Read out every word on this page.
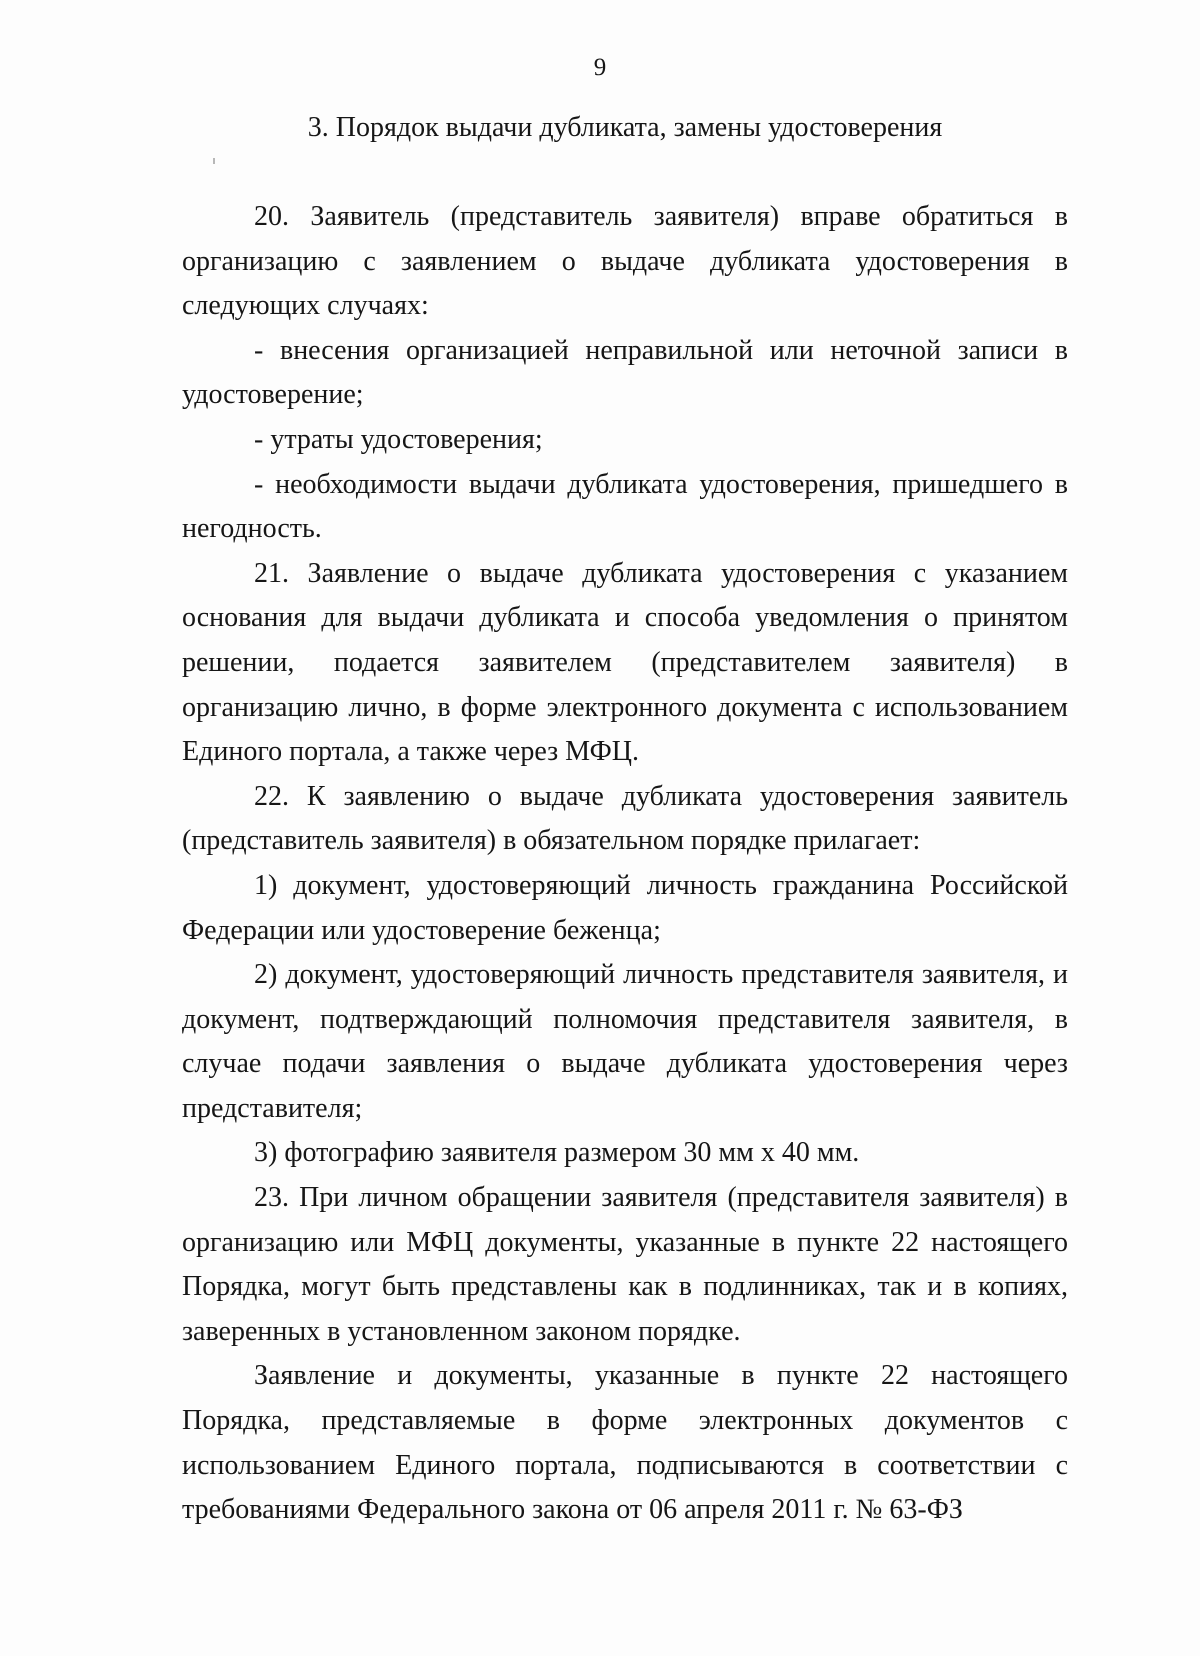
9
3. Порядок выдачи дубликата, замены удостоверения

20. Заявитель (представитель заявителя) вправе обратиться в организацию с заявлением о выдаче дубликата удостоверения в следующих случаях:

- внесения организацией неправильной или неточной записи в удостоверение;

- утраты удостоверения;

- необходимости выдачи дубликата удостоверения, пришедшего в негодность.

21. Заявление о выдаче дубликата удостоверения с указанием основания для выдачи дубликата и способа уведомления о принятом решении, подается заявителем (представителем заявителя) в организацию лично, в форме электронного документа с использованием Единого портала, а также через МФЦ.

22. К заявлению о выдаче дубликата удостоверения заявитель (представитель заявителя) в обязательном порядке прилагает:

1) документ, удостоверяющий личность гражданина Российской Федерации или удостоверение беженца;

2) документ, удостоверяющий личность представителя заявителя, и документ, подтверждающий полномочия представителя заявителя, в случае подачи заявления о выдаче дубликата удостоверения через представителя;

3) фотографию заявителя размером 30 мм х 40 мм.

23. При личном обращении заявителя (представителя заявителя) в организацию или МФЦ документы, указанные в пункте 22 настоящего Порядка, могут быть представлены как в подлинниках, так и в копиях, заверенных в установленном законом порядке.

Заявление и документы, указанные в пункте 22 настоящего Порядка, представляемые в форме электронных документов с использованием Единого портала, подписываются в соответствии с требованиями Федерального закона от 06 апреля 2011 г. № 63-ФЗ
